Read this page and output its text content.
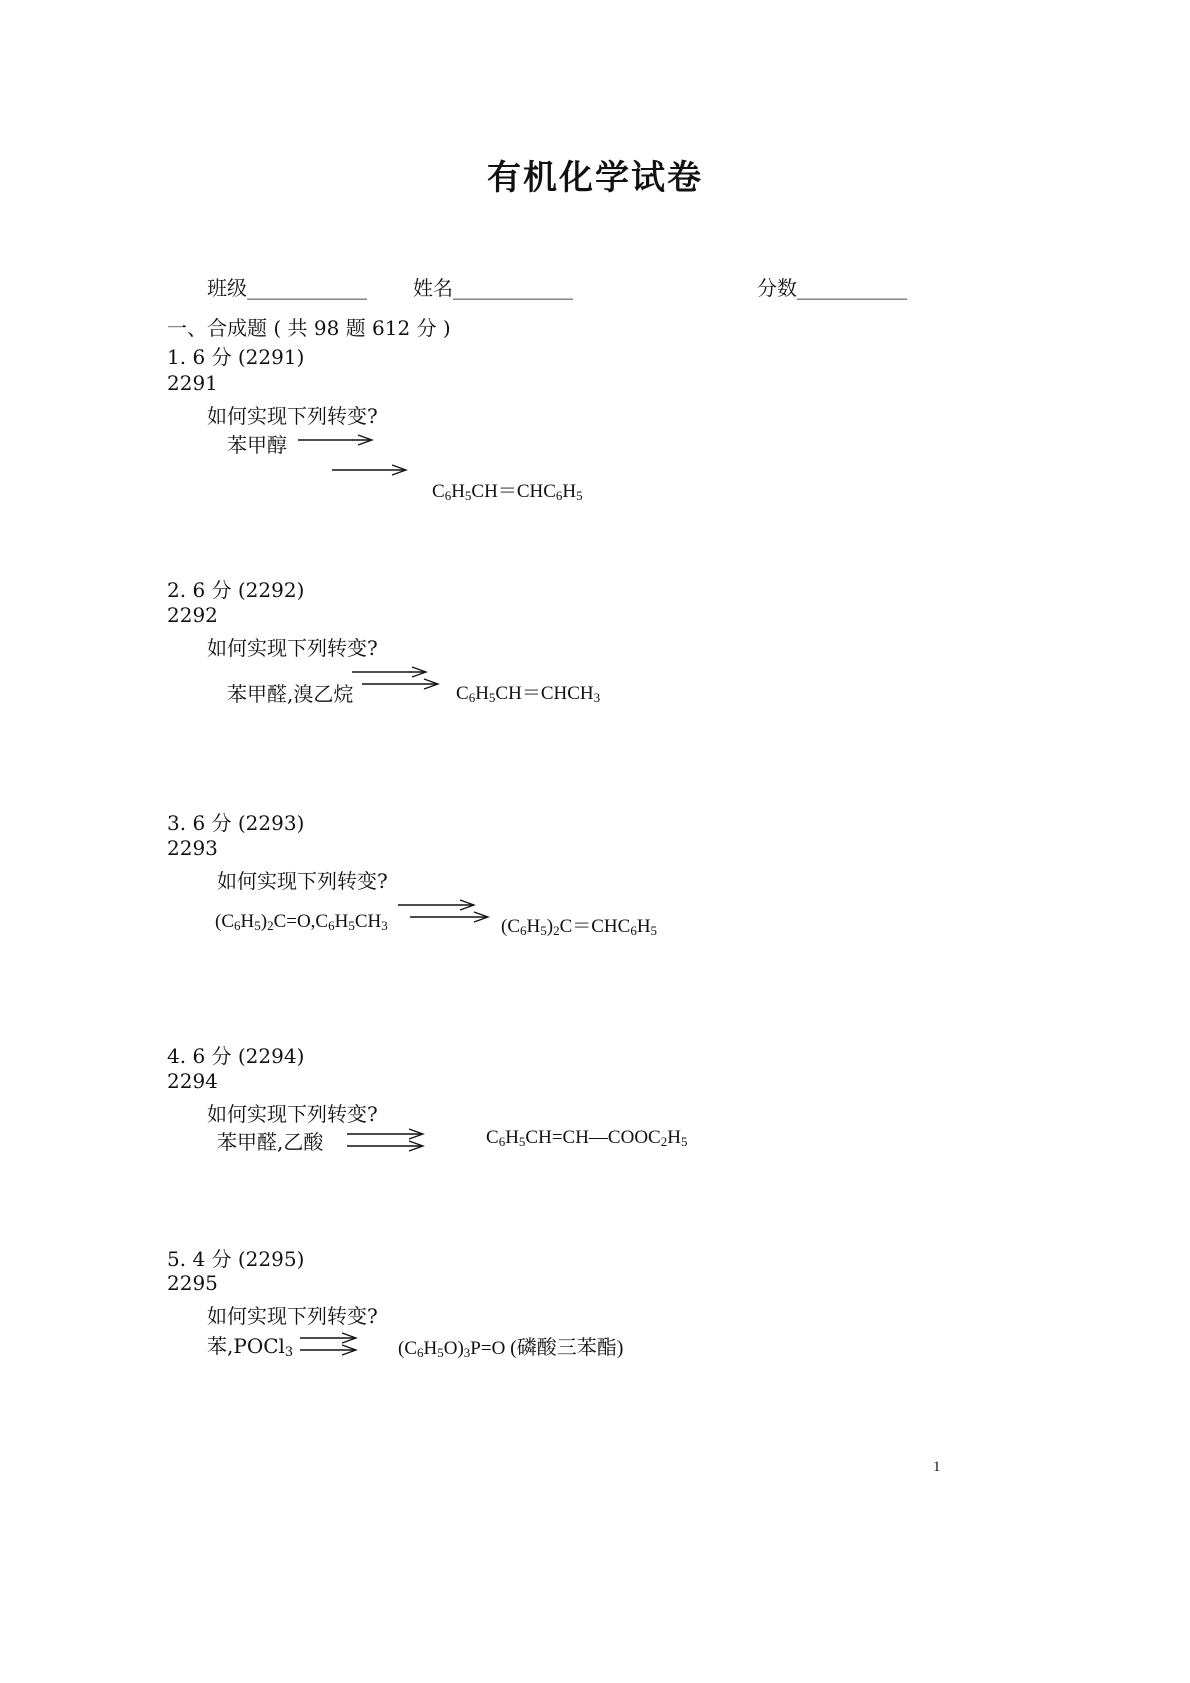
有机化学试卷
班级____________ 姓名____________	分数___________
一、合成题 ( 共 98 题 612 分 )
1. 6 分 (2291)
2291
如何实现下列转变?
苯甲醇
$C_6H_5CH=CHC_6H_5$
2. 6 分 (2292)
2292
如何实现下列转变?
苯甲醛,溴乙烷	$C_6H_5CH=CHCH_3$
3. 6 分 (2293)
2293
如何实现下列转变?
$(C_6H_5)_2C=O,C_6H_5CH_3$	$(C_6H_5)_2C=CHC_6H_5$
4. 6 分 (2294)
2294
如何实现下列转变?
苯甲醛,乙酸	$C_6H_5CH=CH—COOC_2H_5$
5. 4 分 (2295)
2295
如何实现下列转变?
苯,POCl$_3$	$(C_6H_5O)_3P=O$ (磷酸三苯酯)
1
